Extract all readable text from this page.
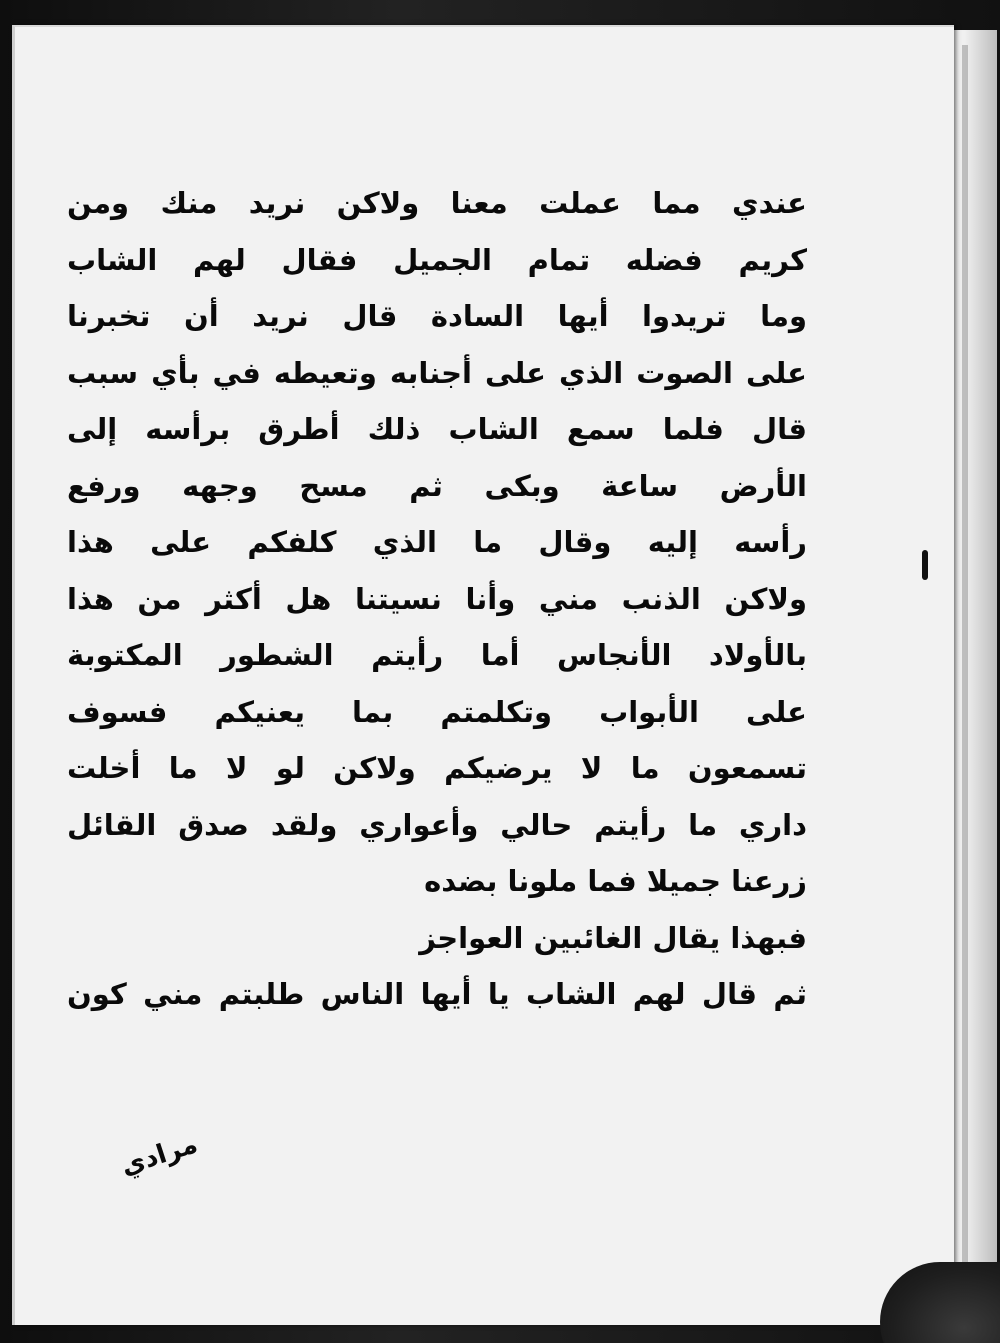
عندي مما عملت معنا ولاكن نريد منك ومن
كريم فضله تمام الجميل فقال لهم الشاب
وما تريدوا أيها السادة قال نريد أن تخبرنا
على الصوت الذي على أجنابه وتعيطه في بأي سبب
قال فلما سمع الشاب ذلك أطرق برأسه إلى
الأرض ساعة وبكى ثم مسح وجهه ورفع
رأسه إليه وقال ما الذي كلفكم على هذا
ولاكن الذنب مني وأنا نسيتنا هل أكثر من هذا
بالأولاد الأنجاس أما رأيتم الشطور المكتوبة
على الأبواب وتكلمتم بما يعنيكم فسوف
تسمعون ما لا يرضيكم ولاكن لو لا ما أخلت
داري ما رأيتم حالي وأعواري ولقد صدق القائل
زرعنا جميلا فما ملونا بضده
فبهذا يقال الغائبين العواجز
ثم قال لهم الشاب يا أيها الناس طلبتم مني كون
مرادي
